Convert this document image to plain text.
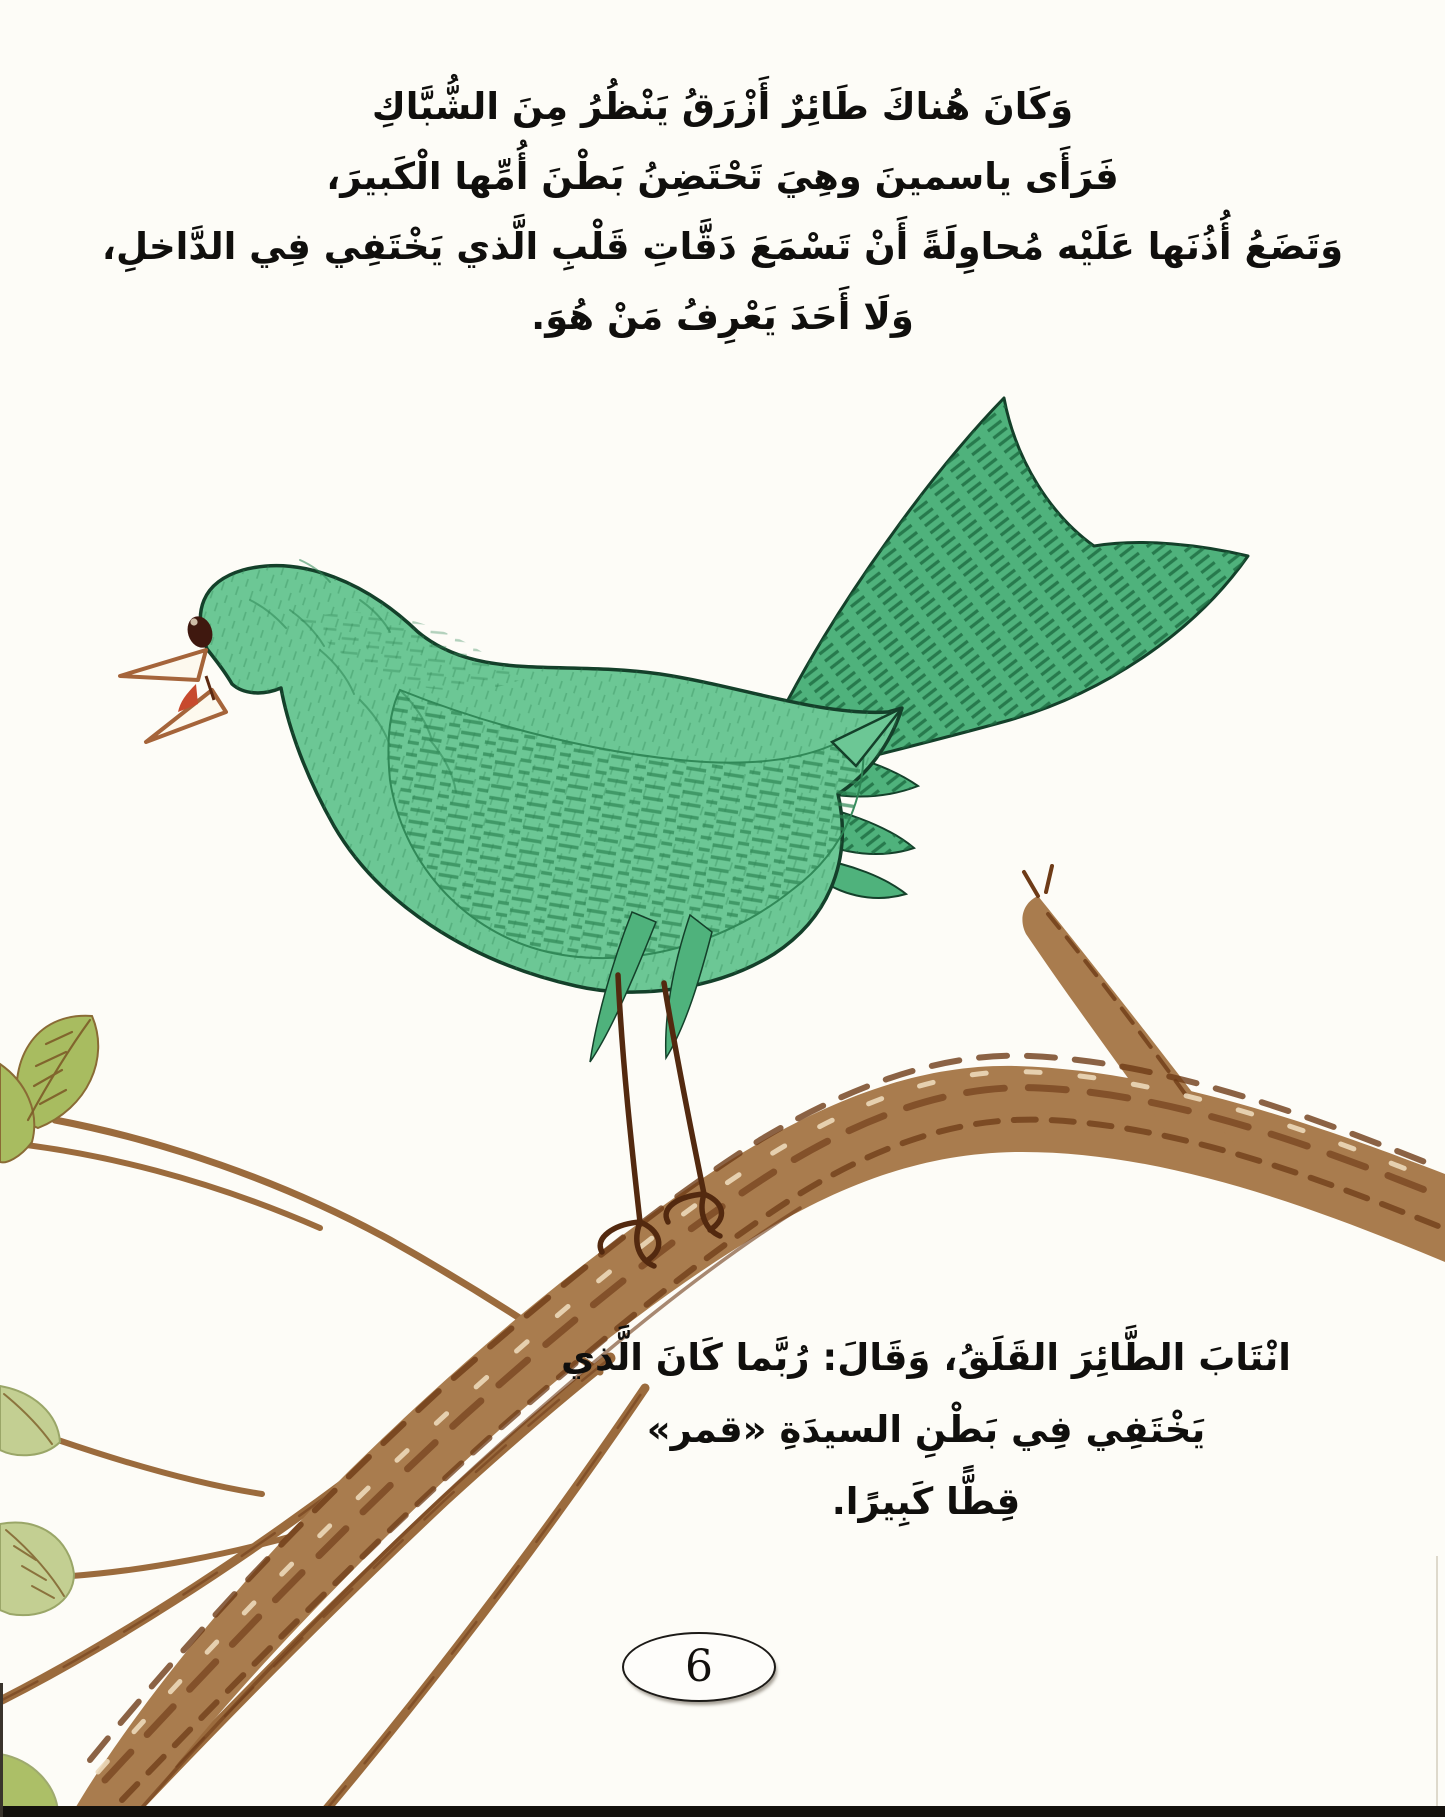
وَكَانَ هُناكَ طَائِرٌ أَزْرَقُ يَنْظُرُ مِنَ الشُّبَّاكِ
فَرَأَى ياسمينَ وهِيَ تَحْتَضِنُ بَطْنَ أُمِّها الْكَبيرَ،
وَتَضَعُ أُذُنَها عَلَيْه مُحاوِلَةً أَنْ تَسْمَعَ دَقَّاتِ قَلْبِ الَّذي يَخْتَفِي فِي الدَّاخلِ،
وَلَا أَحَدَ يَعْرِفُ مَنْ هُوَ.
انْتَابَ الطَّائِرَ القَلَقُ، وَقَالَ: رُبَّما كَانَ الَّذي
يَخْتَفِي فِي بَطْنِ السيدَةِ «قمر»
قِطًّا كَبِيرًا.
6
